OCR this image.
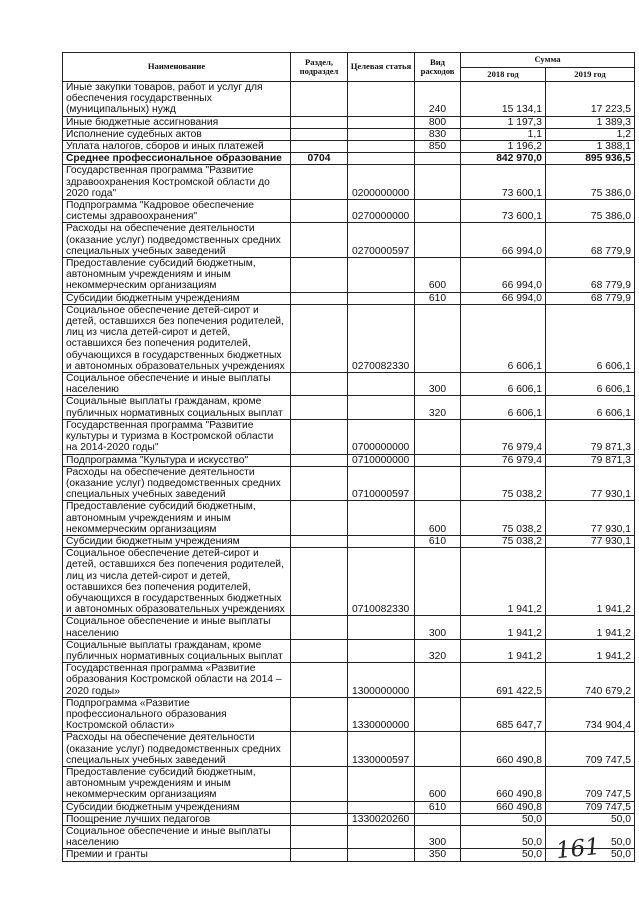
Наименование	Раздел, подраздел	Целевая статья	Вид расходов	Сумма	
				2018 год	2019 год
Иные закупки товаров, работ и услуг для обеспечения государственных (муниципальных) нужд			240	15 134,1	17 223,5
Иные бюджетные ассигнования			800	1 197,3	1 389,3
Исполнение судебных актов			830	1,1	1,2
Уплата налогов, сборов и иных платежей			850	1 196,2	1 388,1
Среднее профессиональное образование	0704			842 970,0	895 936,5
Государственная программа "Развитие здравоохранения Костромской области до 2020 года"		0200000000		73 600,1	75 386,0
Подпрограмма "Кадровое обеспечение системы здравоохранения"		0270000000		73 600,1	75 386,0
Расходы на обеспечение деятельности (оказание услуг) подведомственных средних специальных учебных заведений		0270000597		66 994,0	68 779,9
Предоставление субсидий бюджетным, автономным учреждениям и иным некоммерческим организациям			600	66 994,0	68 779,9
Субсидии бюджетным учреждениям			610	66 994,0	68 779,9
Социальное обеспечение детей-сирот и детей, оставшихся без попечения родителей, лиц из числа детей-сирот и детей, оставшихся без попечения родителей, обучающихся в государственных бюджетных и автономных образовательных учреждениях		0270082330		6 606,1	6 606,1
Социальное обеспечение и иные выплаты населению			300	6 606,1	6 606,1
Социальные выплаты гражданам, кроме публичных нормативных социальных выплат			320	6 606,1	6 606,1
Государственная программа "Развитие культуры и туризма в Костромской области на 2014-2020 годы"		0700000000		76 979,4	79 871,3
Подпрограмма "Культура и искусство"		0710000000		76 979,4	79 871,3
Расходы на обеспечение деятельности (оказание услуг) подведомственных средних специальных учебных заведений		0710000597		75 038,2	77 930,1
Предоставление субсидий бюджетным, автономным учреждениям и иным некоммерческим организациям			600	75 038,2	77 930,1
Субсидии бюджетным учреждениям			610	75 038,2	77 930,1
Социальное обеспечение детей-сирот и детей, оставшихся без попечения родителей, лиц из числа детей-сирот и детей, оставшихся без попечения родителей, обучающихся в государственных бюджетных и автономных образовательных учреждениях		0710082330		1 941,2	1 941,2
Социальное обеспечение и иные выплаты населению			300	1 941,2	1 941,2
Социальные выплаты гражданам, кроме публичных нормативных социальных выплат			320	1 941,2	1 941,2
Государственная программа «Развитие образования Костромской области на 2014 – 2020 годы»		1300000000		691 422,5	740 679,2
Подпрограмма «Развитие профессионального образования Костромской области»		1330000000		685 647,7	734 904,4
Расходы на обеспечение деятельности (оказание услуг) подведомственных средних специальных учебных заведений		1330000597		660 490,8	709 747,5
Предоставление субсидий бюджетным, автономным учреждениям и иным некоммерческим организациям			600	660 490,8	709 747,5
Субсидии бюджетным учреждениям			610	660 490,8	709 747,5
Поощрение лучших педагогов		1330020260		50,0	50,0
Социальное обеспечение и иные выплаты населению			300	50,0	50,0
Премии и гранты			350	50,0	50,0
161
